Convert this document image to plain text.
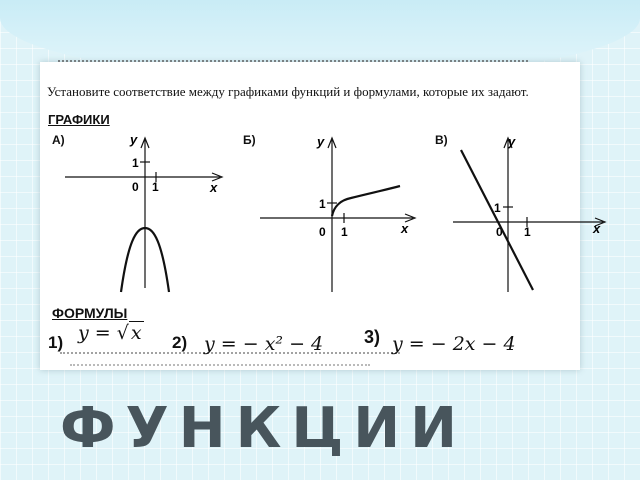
Установите соответствие между графиками функций и формулами, которые их задают.
ГРАФИКИ
А)	y
x
1
0 1
Б)	y
x
1
0 1
В)	y
x
1
0 1
ФОРМУЛЫ
1) y = √ x 2) y = − x² − 4 3) y = − 2x − 4
ФУНКЦИИ
